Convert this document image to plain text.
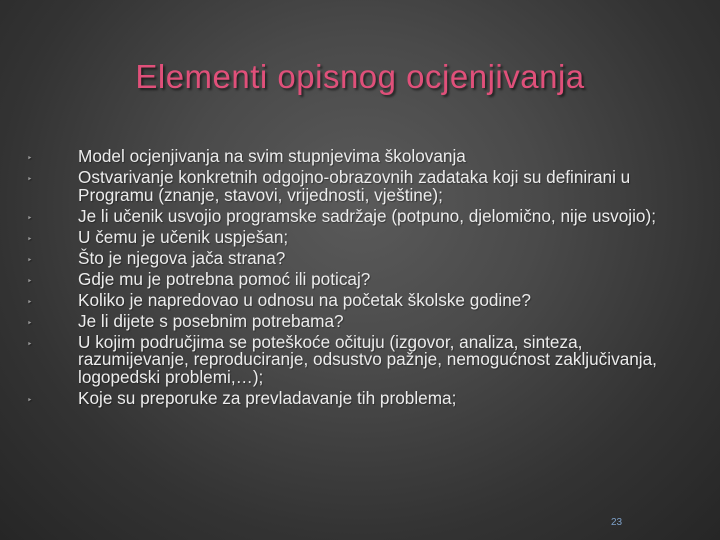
Elementi opisnog ocjenjivanja
‣	Model ocjenjivanja na svim stupnjevima školovanja
‣	Ostvarivanje konkretnih odgojno-obrazovnih zadataka koji su definirani u Programu (znanje, stavovi, vrijednosti, vještine);
‣	Je li učenik usvojio programske sadržaje (potpuno, djelomično, nije usvojio);
‣	U čemu je učenik uspješan;
‣	Što je njegova jača strana?
‣	Gdje mu je potrebna pomoć ili poticaj?
‣	Koliko je napredovao u odnosu na početak školske godine?
‣	Je li dijete s posebnim potrebama?
‣	U kojim područjima se poteškoće očituju (izgovor, analiza, sinteza, razumijevanje, reproduciranje, odsustvo pažnje, nemogućnost zaključivanja, logopedski problemi,…);
‣	Koje su preporuke za prevladavanje tih problema;
23
